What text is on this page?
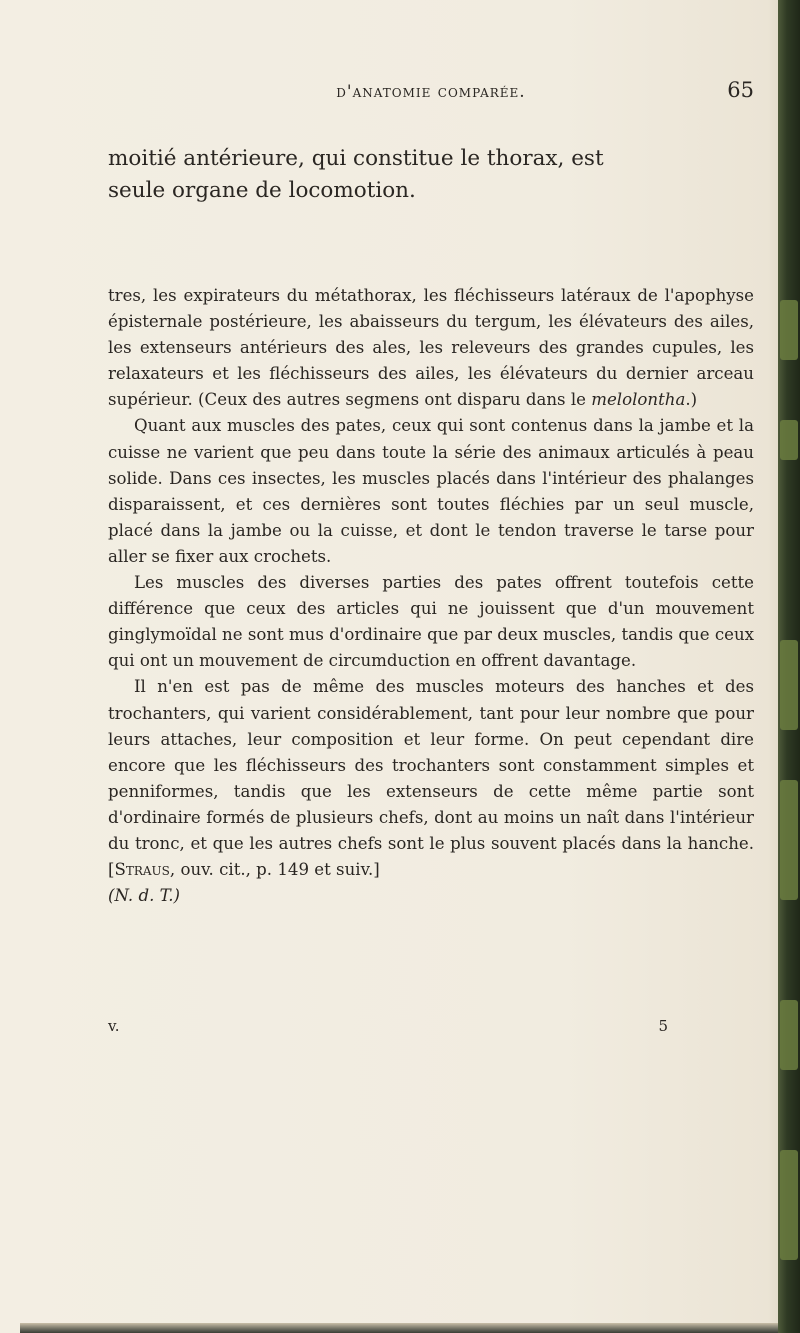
d'anatomie comparée.	65
moitié antérieure, qui constitue le thorax, est
seule organe de locomotion.

tres, les expirateurs du métathorax, les fléchisseurs latéraux de l'apophyse épisternale postérieure, les abaisseurs du tergum, les élévateurs des ailes, les extenseurs antérieurs des ales, les releveurs des grandes cupules, les relaxateurs et les fléchisseurs des ailes, les élévateurs du dernier arceau supérieur. (Ceux des autres segmens ont disparu dans le melolontha.)

Quant aux muscles des pates, ceux qui sont contenus dans la jambe et la cuisse ne varient que peu dans toute la série des animaux articulés à peau solide. Dans ces insectes, les muscles placés dans l'intérieur des phalanges disparaissent, et ces dernières sont toutes fléchies par un seul muscle, placé dans la jambe ou la cuisse, et dont le tendon traverse le tarse pour aller se fixer aux crochets.

Les muscles des diverses parties des pates offrent toutefois cette différence que ceux des articles qui ne jouissent que d'un mouvement ginglymoïdal ne sont mus d'ordinaire que par deux muscles, tandis que ceux qui ont un mouvement de circumduction en offrent davantage.

Il n'en est pas de même des muscles moteurs des hanches et des trochanters, qui varient considérablement, tant pour leur nombre que pour leurs attaches, leur composition et leur forme. On peut cependant dire encore que les fléchisseurs des trochanters sont constamment simples et penniformes, tandis que les extenseurs de cette même partie sont d'ordinaire formés de plusieurs chefs, dont au moins un naît dans l'intérieur du tronc, et que les autres chefs sont le plus souvent placés dans la hanche. [Straus, ouv. cit., p. 149 et suiv.]

(N. d. T.)

v.	5
